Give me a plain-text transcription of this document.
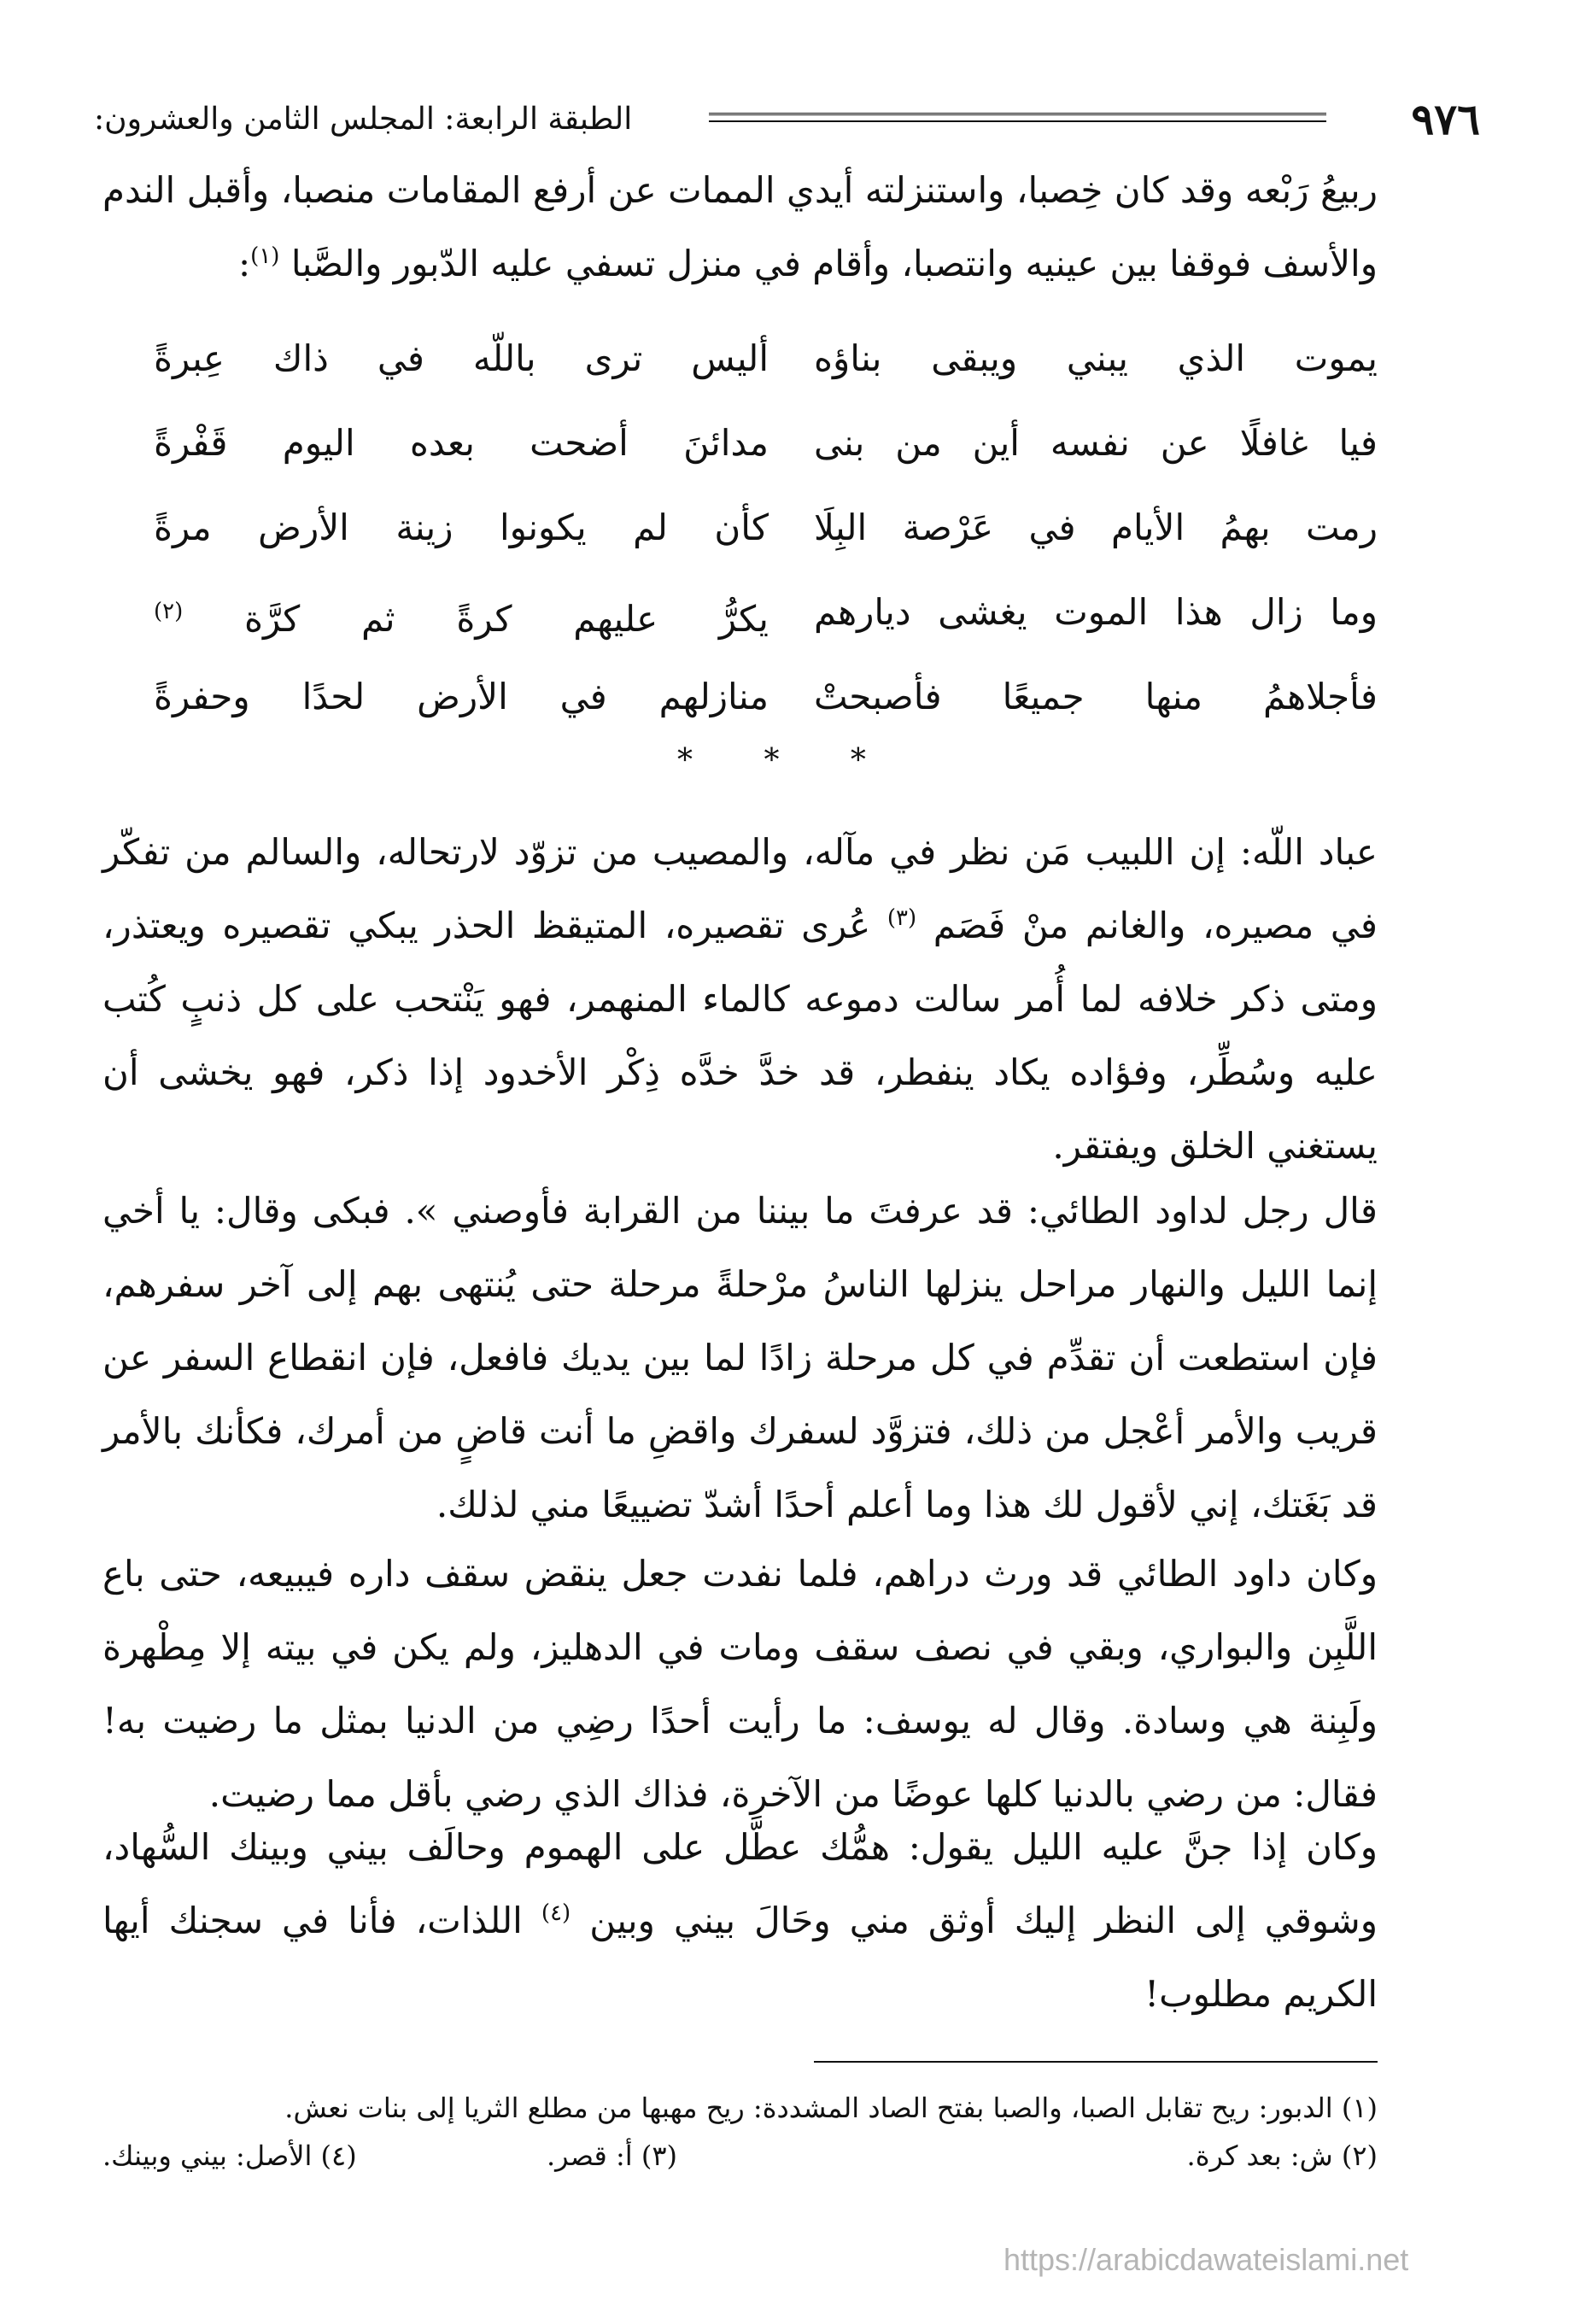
٩٧٦
الطبقة الرابعة: المجلس الثامن والعشرون:
ربيعُ رَبْعه وقد كان خِصبا، واستنزلته أيدي الممات عن أرفع المقامات منصبا، وأقبل الندم والأسف فوقفا بين عينيه وانتصبا، وأقام في منزل تسفي عليه الدّبور والصَّبا $^{(١)}$:
يموت الذي يبني ويبقى بناؤه
أليس ترى باللّه في ذاك عِبرةً
فيا غافلًا عن نفسه أين من بنى
مدائنَ أضحت بعده اليوم قَفْرةً
رمت بهمُ الأيام في عَرْصة البِلَا
كأن لم يكونوا زينة الأرض مرةً
وما زال هذا الموت يغشى ديارهم
يكرُّ عليهم كرةً ثم كرَّة $^{(٢)}$
فأجلاهمُ منها جميعًا فأصبحتْ
منازلهم في الأرض لحدًا وحفرةً
* * *
عباد اللّه: إن اللبيب مَن نظر في مآله، والمصيب من تزوّد لارتحاله، والسالم من تفكّر في مصيره، والغانم منْ فَصَم $^{(٣)}$ عُرى تقصيره، المتيقظ الحذر يبكي تقصيره ويعتذر، ومتى ذكر خلافه لما أُمر سالت دموعه كالماء المنهمر، فهو يَنْتحب على كل ذنبٍ كُتب عليه وسُطِّر، وفؤاده يكاد ينفطر، قد خدَّ خدَّه ذِكْر الأخدود إذا ذكر، فهو يخشى أن يستغني الخلق ويفتقر.
قال رجل لداود الطائي: قد عرفتَ ما بيننا من القرابة فأوصني ». فبكى وقال: يا أخي إنما الليل والنهار مراحل ينزلها الناسُ مرْحلةً مرحلة حتى يُنتهى بهم إلى آخر سفرهم، فإن استطعت أن تقدِّم في كل مرحلة زادًا لما بين يديك فافعل، فإن انقطاع السفر عن قريب والأمر أعْجل من ذلك، فتزوَّد لسفرك واقضِ ما أنت قاضٍ من أمرك، فكأنك بالأمر قد بَغَتك، إني لأقول لك هذا وما أعلم أحدًا أشدّ تضييعًا مني لذلك.
وكان داود الطائي قد ورث دراهم، فلما نفدت جعل ينقض سقف داره فيبيعه، حتى باع اللَّبِن والبواري، وبقي في نصف سقف ومات في الدهليز، ولم يكن في بيته إلا مِطْهرة ولَبِنة هي وسادة. وقال له يوسف: ما رأيت أحدًا رضِي من الدنيا بمثل ما رضيت به! فقال: من رضي بالدنيا كلها عوضًا من الآخرة، فذاك الذي رضي بأقل مما رضيت.
وكان إذا جنَّ عليه الليل يقول: همُّك عطَّل على الهموم وحالَف بيني وبينك السُّهاد، وشوقي إلى النظر إليك أوثق مني وحَالَ بيني وبين $^{(٤)}$ اللذات، فأنا في سجنك أيها الكريم مطلوب!
(١) الدبور: ريح تقابل الصبا، والصبا بفتح الصاد المشددة: ريح مهبها من مطلع الثريا إلى بنات نعش.
(٢) ش: بعد كرة.
(٣) أ: قصر.
(٤) الأصل: بيني وبينك.
https://arabicdawateislami.net
